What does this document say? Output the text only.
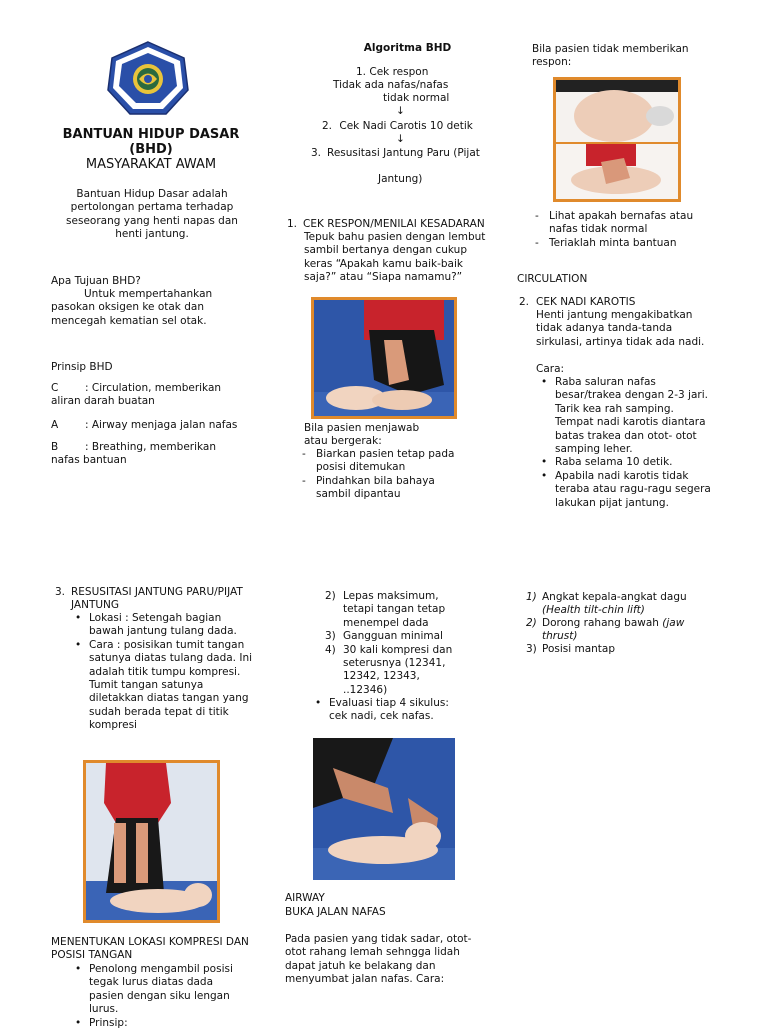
BANTUAN HIDUP DASAR
(BHD)
MASYARAKAT AWAM
Bantuan Hidup Dasar adalah pertolongan pertama terhadap seseorang yang henti napas dan henti jantung.
Apa Tujuan BHD?
Untuk mempertahankan pasokan oksigen ke otak dan mencegah kematian sel otak.
Prinsip BHD
C	: Circulation, memberikan
aliran darah buatan
A	: Airway menjaga jalan nafas
B	: Breathing, memberikan
nafas bantuan
Algoritma BHD
1. Cek respon
Tidak ada nafas/nafas
tidak normal
↓
2. Cek Nadi Carotis 10 detik
↓
3. Resusitasi Jantung Paru (Pijat
Jantung)
1. CEK RESPON/MENILAI KESADARAN
Tepuk bahu pasien dengan lembut sambil bertanya dengan cukup keras “Apakah kamu baik-baik saja?” atau “Siapa namamu?”
Bila pasien menjawab atau bergerak:
- Biarkan pasien tetap pada posisi ditemukan
- Pindahkan bila bahaya sambil dipantau
Bila pasien tidak memberikan respon:
- Lihat apakah bernafas atau nafas tidak normal
- Teriaklah minta bantuan
CIRCULATION
2. CEK NADI KAROTIS
Henti jantung mengakibatkan tidak adanya tanda-tanda sirkulasi, artinya tidak ada nadi.
Cara:
• Raba saluran nafas besar/trakea dengan 2-3 jari. Tarik kea rah samping. Tempat nadi karotis diantara batas trakea dan otot- otot samping leher.
• Raba selama 10 detik.
• Apabila nadi karotis tidak teraba atau ragu-ragu segera lakukan pijat jantung.
3. RESUSITASI JANTUNG PARU/PIJAT JANTUNG
• Lokasi : Setengah bagian bawah jantung tulang dada.
• Cara : posisikan tumit tangan satunya diatas tulang dada. Ini adalah titik tumpu kompresi. Tumit tangan satunya diletakkan diatas tangan yang sudah berada tepat di titik kompresi
MENENTUKAN LOKASI KOMPRESI DAN POSISI TANGAN
• Penolong mengambil posisi tegak lurus diatas dada pasien dengan siku lengan lurus.
• Prinsip:
2) Lepas maksimum, tetapi tangan tetap menempel dada
3) Gangguan minimal
4) 30 kali kompresi dan seterusnya (12341, 12342, 12343, ..12346)
• Evaluasi tiap 4 sikulus: cek nadi, cek nafas.
AIRWAY
BUKA JALAN NAFAS
Pada pasien yang tidak sadar, otot-otot rahang lemah sehngga lidah dapat jatuh ke belakang dan menyumbat jalan nafas. Cara:
1) Angkat kepala-angkat dagu
(Health tilt-chin lift)
2) Dorong rahang bawah (jaw thrust)
3) Posisi mantap
